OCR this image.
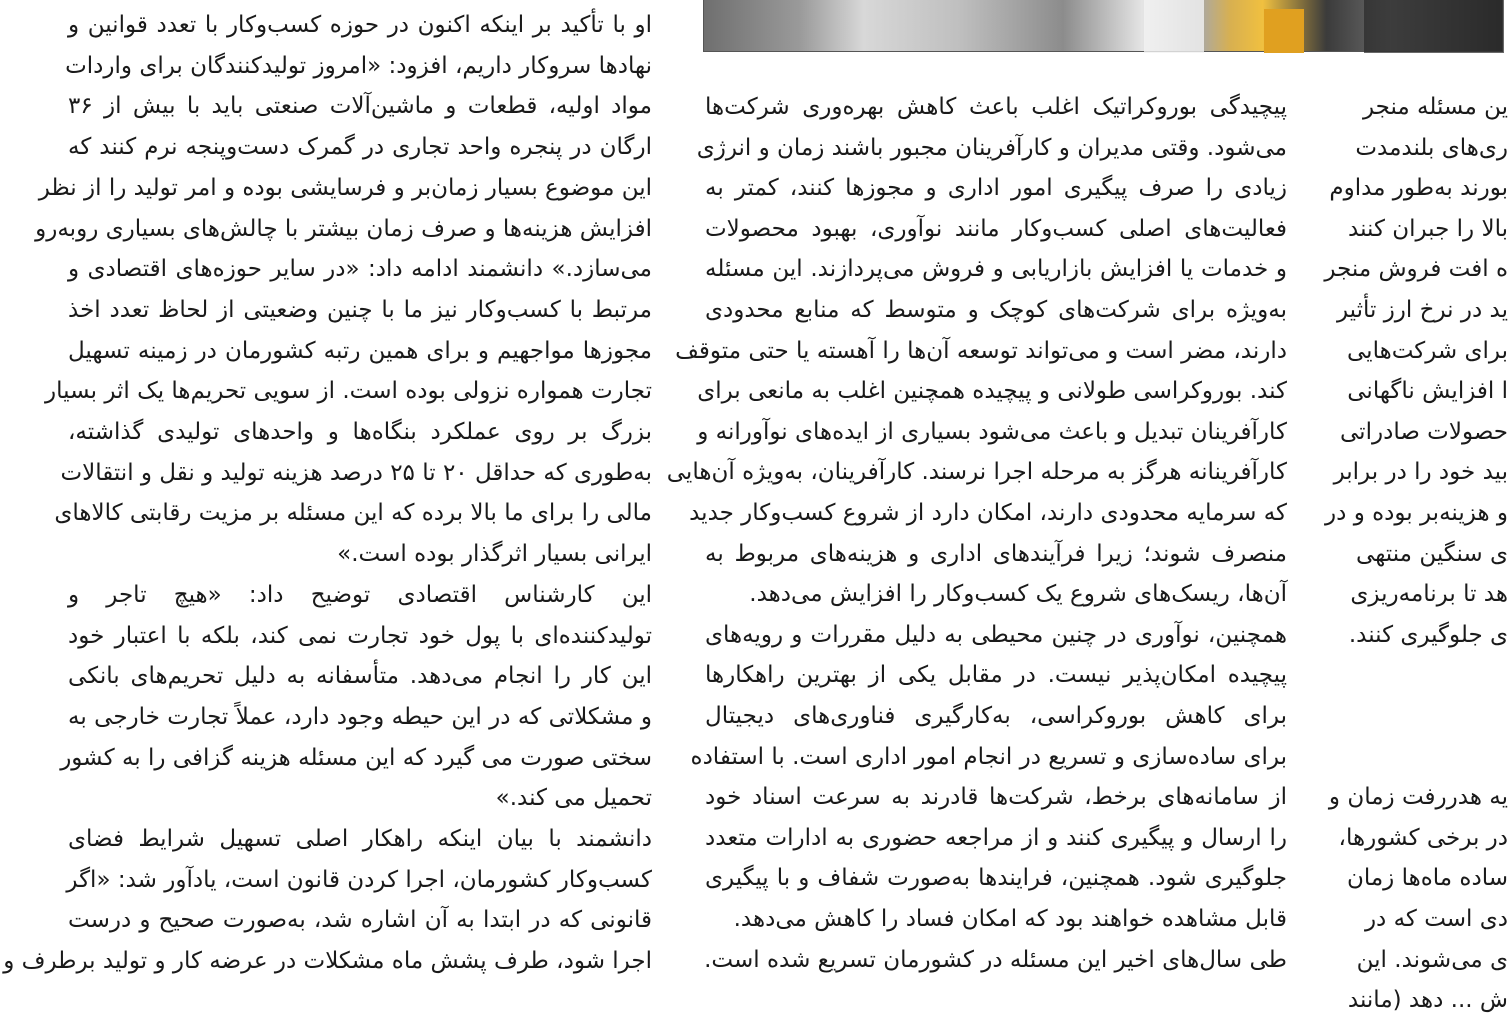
او با تأکید بر اینکه اکنون در حوزه کسب‌وکار با تعدد قوانین و
نهادها سروکار داریم، افزود: «امروز تولیدکنندگان برای واردات
مواد اولیه، قطعات و ماشین‌آلات صنعتی باید با بیش از ۳۶
ارگان در پنجره واحد تجاری در گمرک دست‌وپنجه نرم کنند که
این موضوع بسیار زمان‌بر و فرسایشی بوده و امر تولید را از نظر
افزایش هزینه‌ها و صرف زمان بیشتر با چالش‌های بسیاری روبه‌رو
می‌سازد.» دانشمند ادامه داد: «در سایر حوزه‌های اقتصادی و
مرتبط با کسب‌وکار نیز ما با چنین وضعیتی از لحاظ تعدد اخذ
مجوزها مواجهیم و برای همین رتبه کشورمان در زمینه تسهیل
تجارت همواره نزولی بوده است. از سویی تحریم‌ها یک اثر بسیار
بزرگ بر روی عملکرد بنگاه‌ها و واحدهای تولیدی گذاشته،
به‌طوری که حداقل ۲۰ تا ۲۵ درصد هزینه تولید و نقل و انتقالات
مالی را برای ما بالا برده که این مسئله بر مزیت رقابتی کالاهای
ایرانی بسیار اثرگذار بوده است.»
این کارشناس اقتصادی توضیح داد: «هیچ تاجر و
تولیدکننده‌ای با پول خود تجارت نمی کند، بلکه با اعتبار خود
این کار را انجام می‌دهد. متأسفانه به دلیل تحریم‌های بانکی
و مشکلاتی که در این حیطه وجود دارد، عملاً تجارت خارجی به
سختی صورت می گیرد که این مسئله هزینه گزافی را به کشور
تحمیل می کند.»
دانشمند با بیان اینکه راهکار اصلی تسهیل شرایط فضای
کسب‌وکار کشورمان، اجرا کردن قانون است، یادآور شد: «اگر
قانونی که در ابتدا به آن اشاره شد، به‌صورت صحیح و درست
اجرا شود، طرف پشش ماه مشکلات در عرضه کار و تولید برطرف و
پیچیدگی بوروکراتیک اغلب باعث کاهش بهره‌وری شرکت‌ها
می‌شود. وقتی مدیران و کارآفرینان مجبور باشند زمان و انرژی
زیادی را صرف پیگیری امور اداری و مجوزها کنند، کمتر به
فعالیت‌های اصلی کسب‌وکار مانند نوآوری، بهبود محصولات
و خدمات یا افزایش بازاریابی و فروش می‌پردازند. این مسئله
به‌ویژه برای شرکت‌های کوچک و متوسط که منابع محدودی
دارند، مضر است و می‌تواند توسعه آن‌ها را آهسته یا حتی متوقف
کند. بوروکراسی طولانی و پیچیده همچنین اغلب به مانعی برای
کارآفرینان تبدیل و باعث می‌شود بسیاری از ایده‌های نوآورانه و
کارآفرینانه هرگز به مرحله اجرا نرسند. کارآفرینان، به‌ویژه آن‌هایی
که سرمایه محدودی دارند، امکان دارد از شروع کسب‌وکار جدید
منصرف شوند؛ زیرا فرآیندهای اداری و هزینه‌های مربوط به
آن‌ها، ریسک‌های شروع یک کسب‌وکار را افزایش می‌دهد.
همچنین، نوآوری در چنین محیطی به دلیل مقررات و رویه‌های
پیچیده امکان‌پذیر نیست. در مقابل یکی از بهترین راهکارها
برای کاهش بوروکراسی، به‌کارگیری فناوری‌های دیجیتال
برای ساده‌سازی و تسریع در انجام امور اداری است. با استفاده
از سامانه‌های برخط، شرکت‌ها قادرند به سرعت اسناد خود
را ارسال و پیگیری کنند و از مراجعه حضوری به ادارات متعدد
جلوگیری شود. همچنین، فرایندها به‌صورت شفاف و با پیگیری
قابل مشاهده خواهند بود که امکان فساد را کاهش می‌دهد.
طی سال‌های اخیر این مسئله در کشورمان تسریع شده است.
ین مسئله منجر
ری‌های بلندمدت
بورند به‌طور مداوم
بالا را جبران کنند
ه افت فروش منجر
ید در نرخ ارز تأثیر
برای شرکت‌هایی
ا افزایش ناگهانی
حصولات صادراتی
بید خود را در برابر
و هزینه‌بر بوده و در
ی سنگین منتهی
هد تا برنامه‌ریزی
ی جلوگیری کنند.
یه هدررفت زمان و
در برخی کشورها،
ساده ماه‌ها زمان
دی است که در
ی می‌شوند. این
ش ... دهد (مانند
